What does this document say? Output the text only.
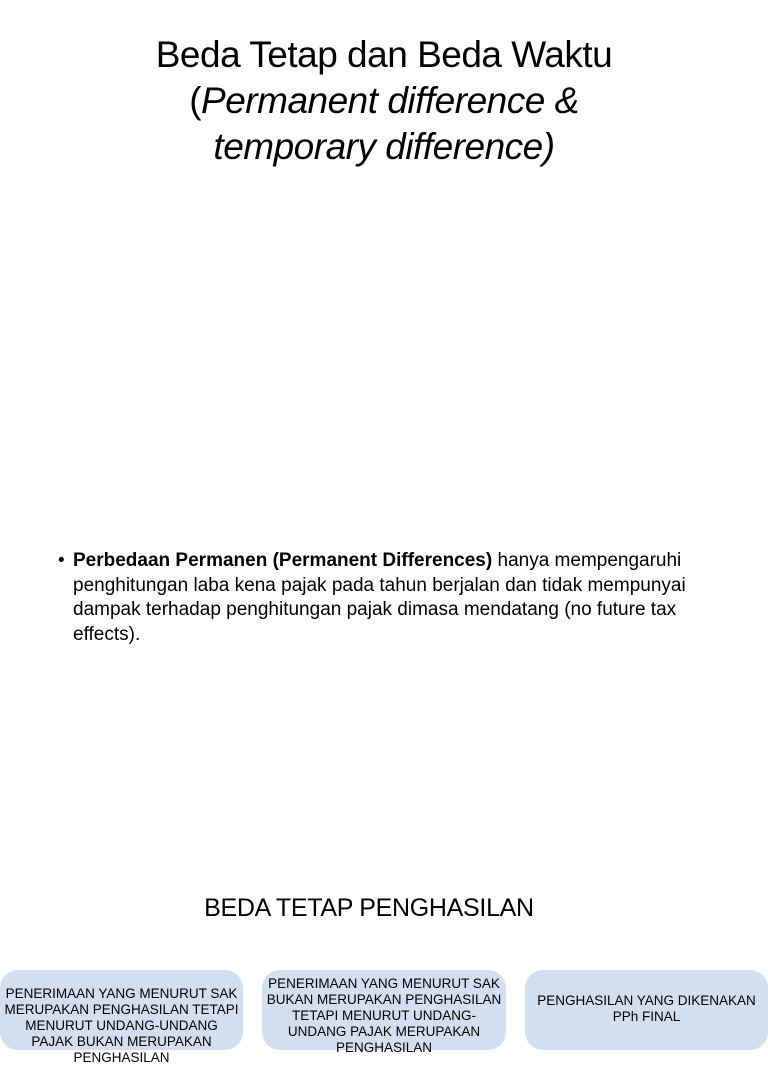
Beda Tetap dan Beda Waktu
(Permanent difference &
temporary difference)
• Perbedaan Permanen (Permanent Differences) hanya mempengaruhi penghitungan laba kena pajak pada tahun berjalan dan tidak mempunyai dampak terhadap penghitungan pajak dimasa mendatang (no future tax effects).
BEDA TETAP PENGHASILAN
PENERIMAAN YANG MENURUT SAK MERUPAKAN PENGHASILAN TETAPI MENURUT UNDANG-UNDANG PAJAK BUKAN MERUPAKAN PENGHASILAN
PENERIMAAN YANG MENURUT SAK BUKAN MERUPAKAN PENGHASILAN TETAPI MENURUT UNDANG-UNDANG PAJAK MERUPAKAN PENGHASILAN
PENGHASILAN YANG DIKENAKAN PPh FINAL
